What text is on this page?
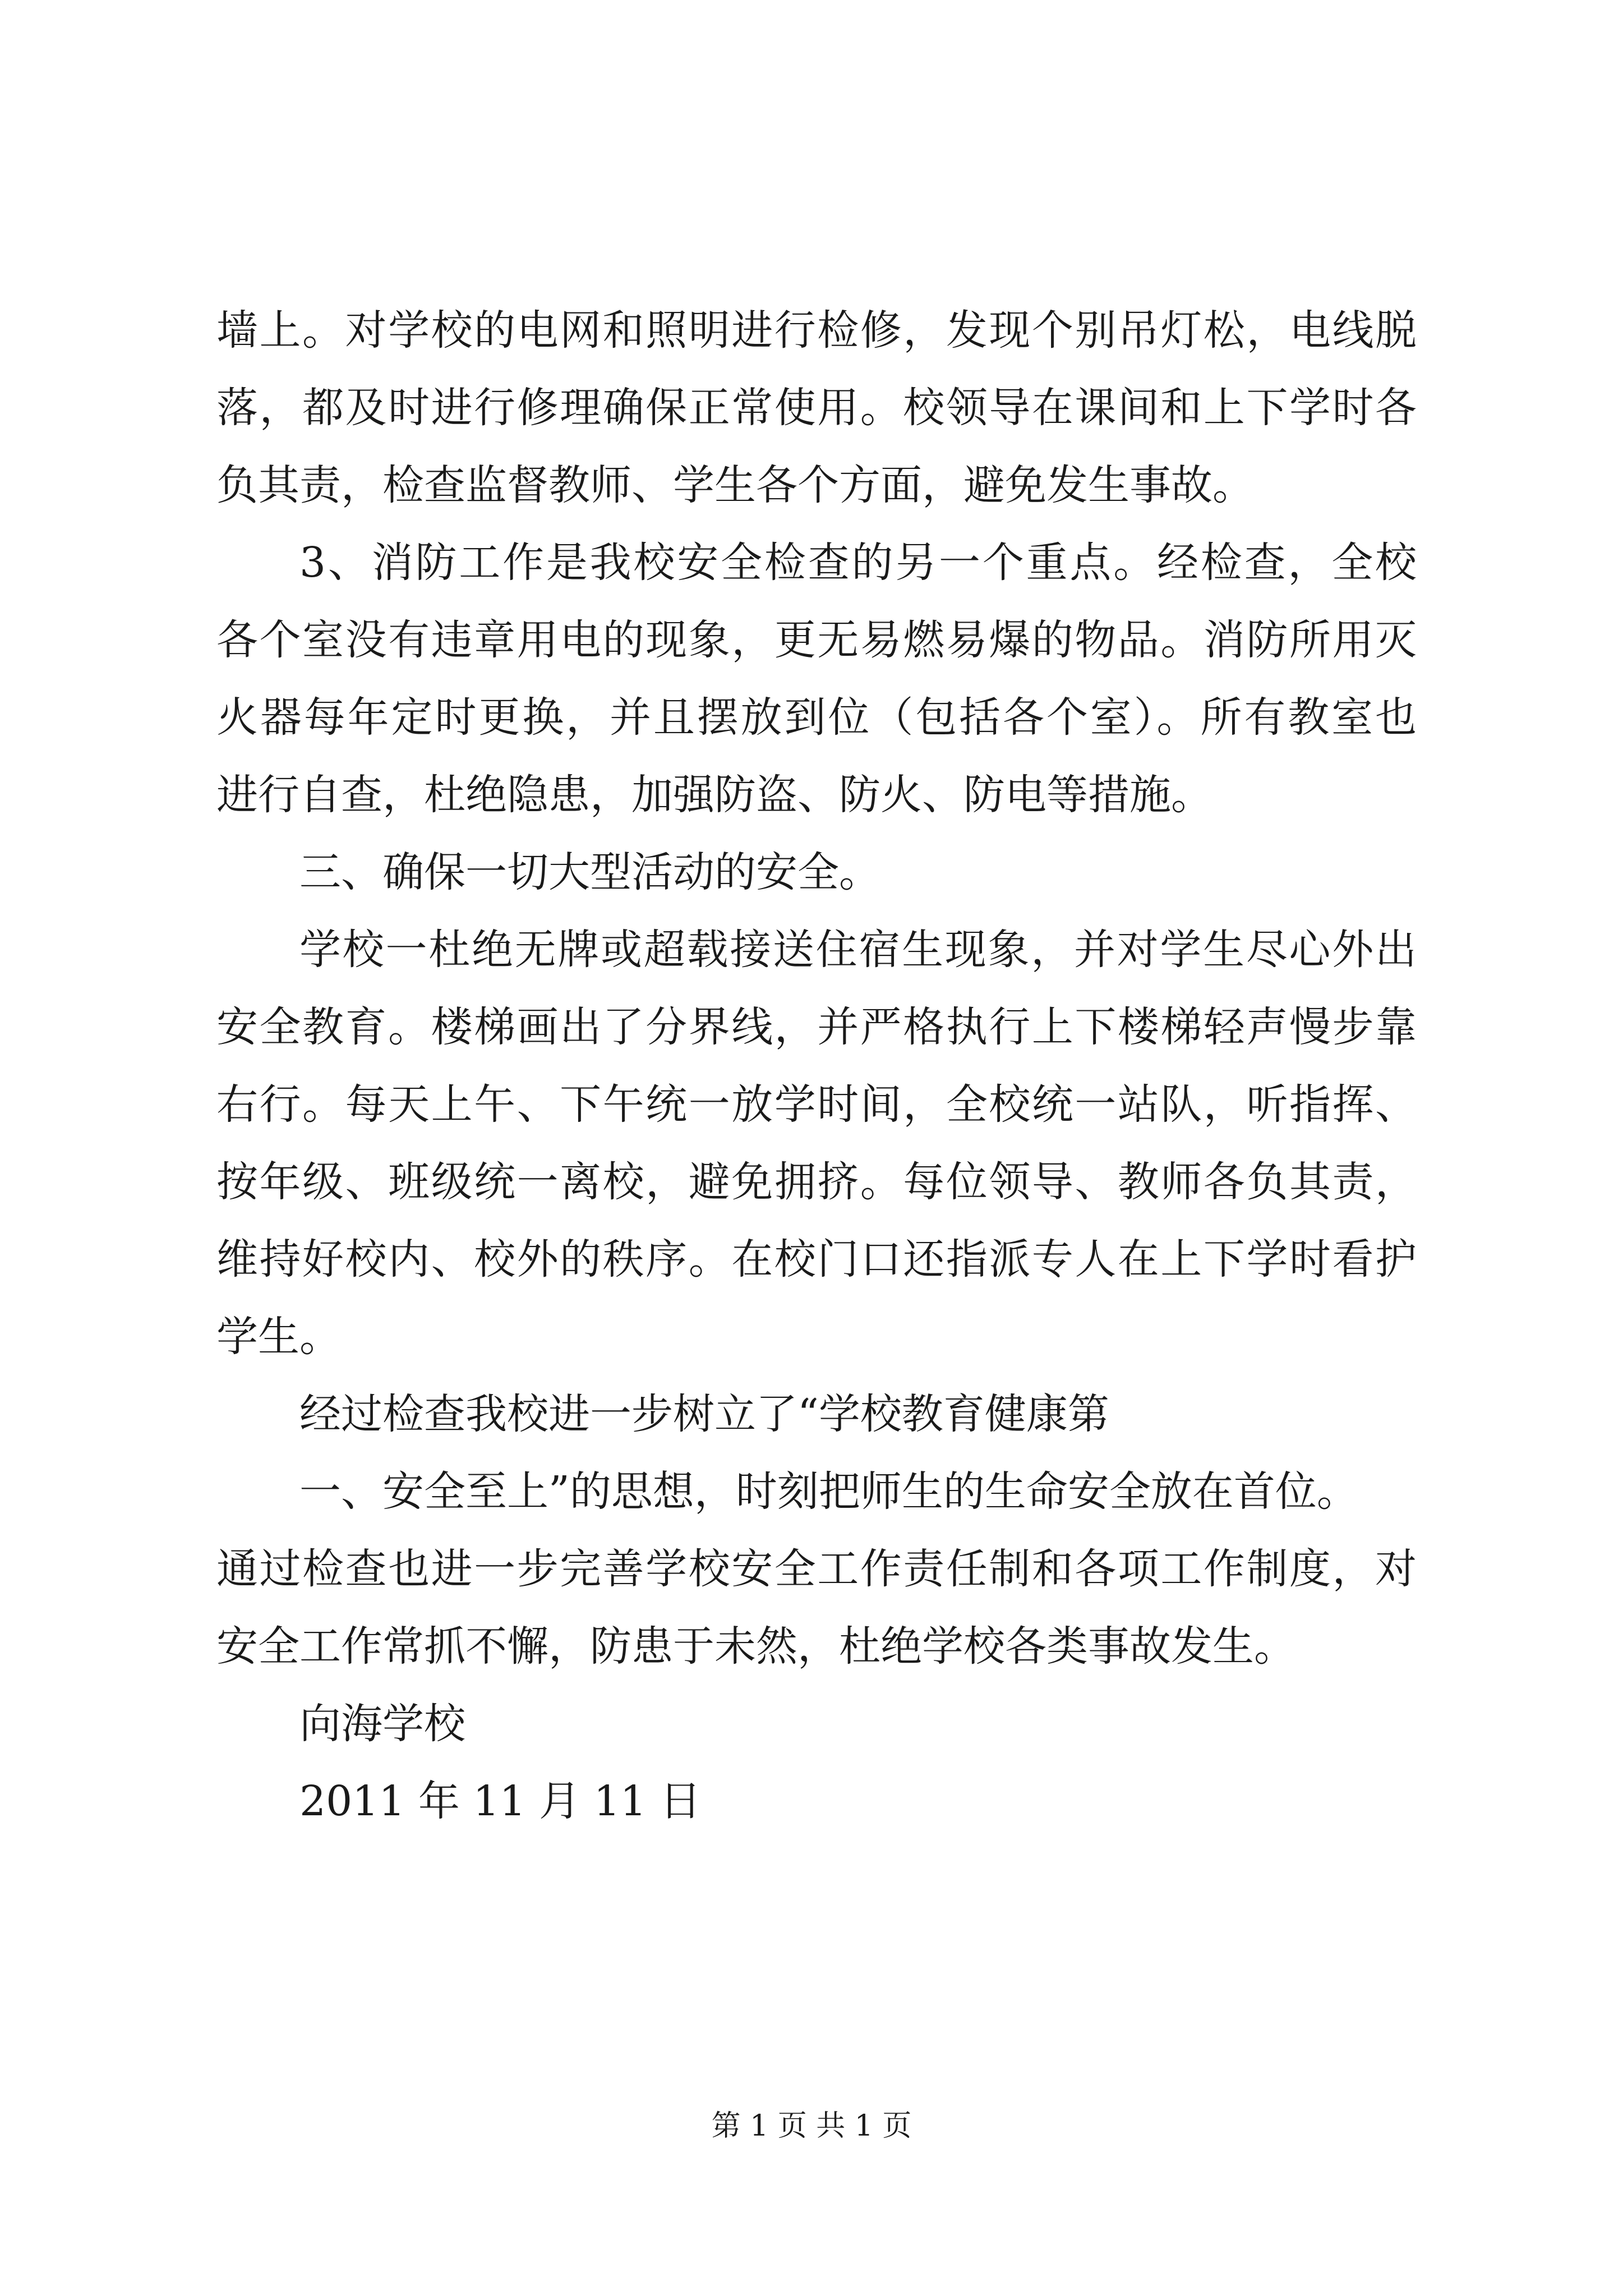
墙上。对学校的电网和照明进行检修，发现个别吊灯松，电线脱
落，都及时进行修理确保正常使用。校领导在课间和上下学时各
负其责，检查监督教师、学生各个方面，避免发生事故。
3、消防工作是我校安全检查的另一个重点。经检查，全校
各个室没有违章用电的现象，更无易燃易爆的物品。消防所用灭
火器每年定时更换，并且摆放到位（包括各个室）。所有教室也
进行自查，杜绝隐患，加强防盗、防火、防电等措施。
三、确保一切大型活动的安全。
学校一杜绝无牌或超载接送住宿生现象，并对学生尽心外出
安全教育。楼梯画出了分界线，并严格执行上下楼梯轻声慢步靠
右行。每天上午、下午统一放学时间，全校统一站队，听指挥、
按年级、班级统一离校，避免拥挤。每位领导、教师各负其责，
维持好校内、校外的秩序。在校门口还指派专人在上下学时看护
学生。
经过检查我校进一步树立了“学校教育健康第
一、安全至上”的思想，时刻把师生的生命安全放在首位。
通过检查也进一步完善学校安全工作责任制和各项工作制度，对
安全工作常抓不懈，防患于未然，杜绝学校各类事故发生。
向海学校
2011 年 11 月 11 日
第 1 页 共 1 页
